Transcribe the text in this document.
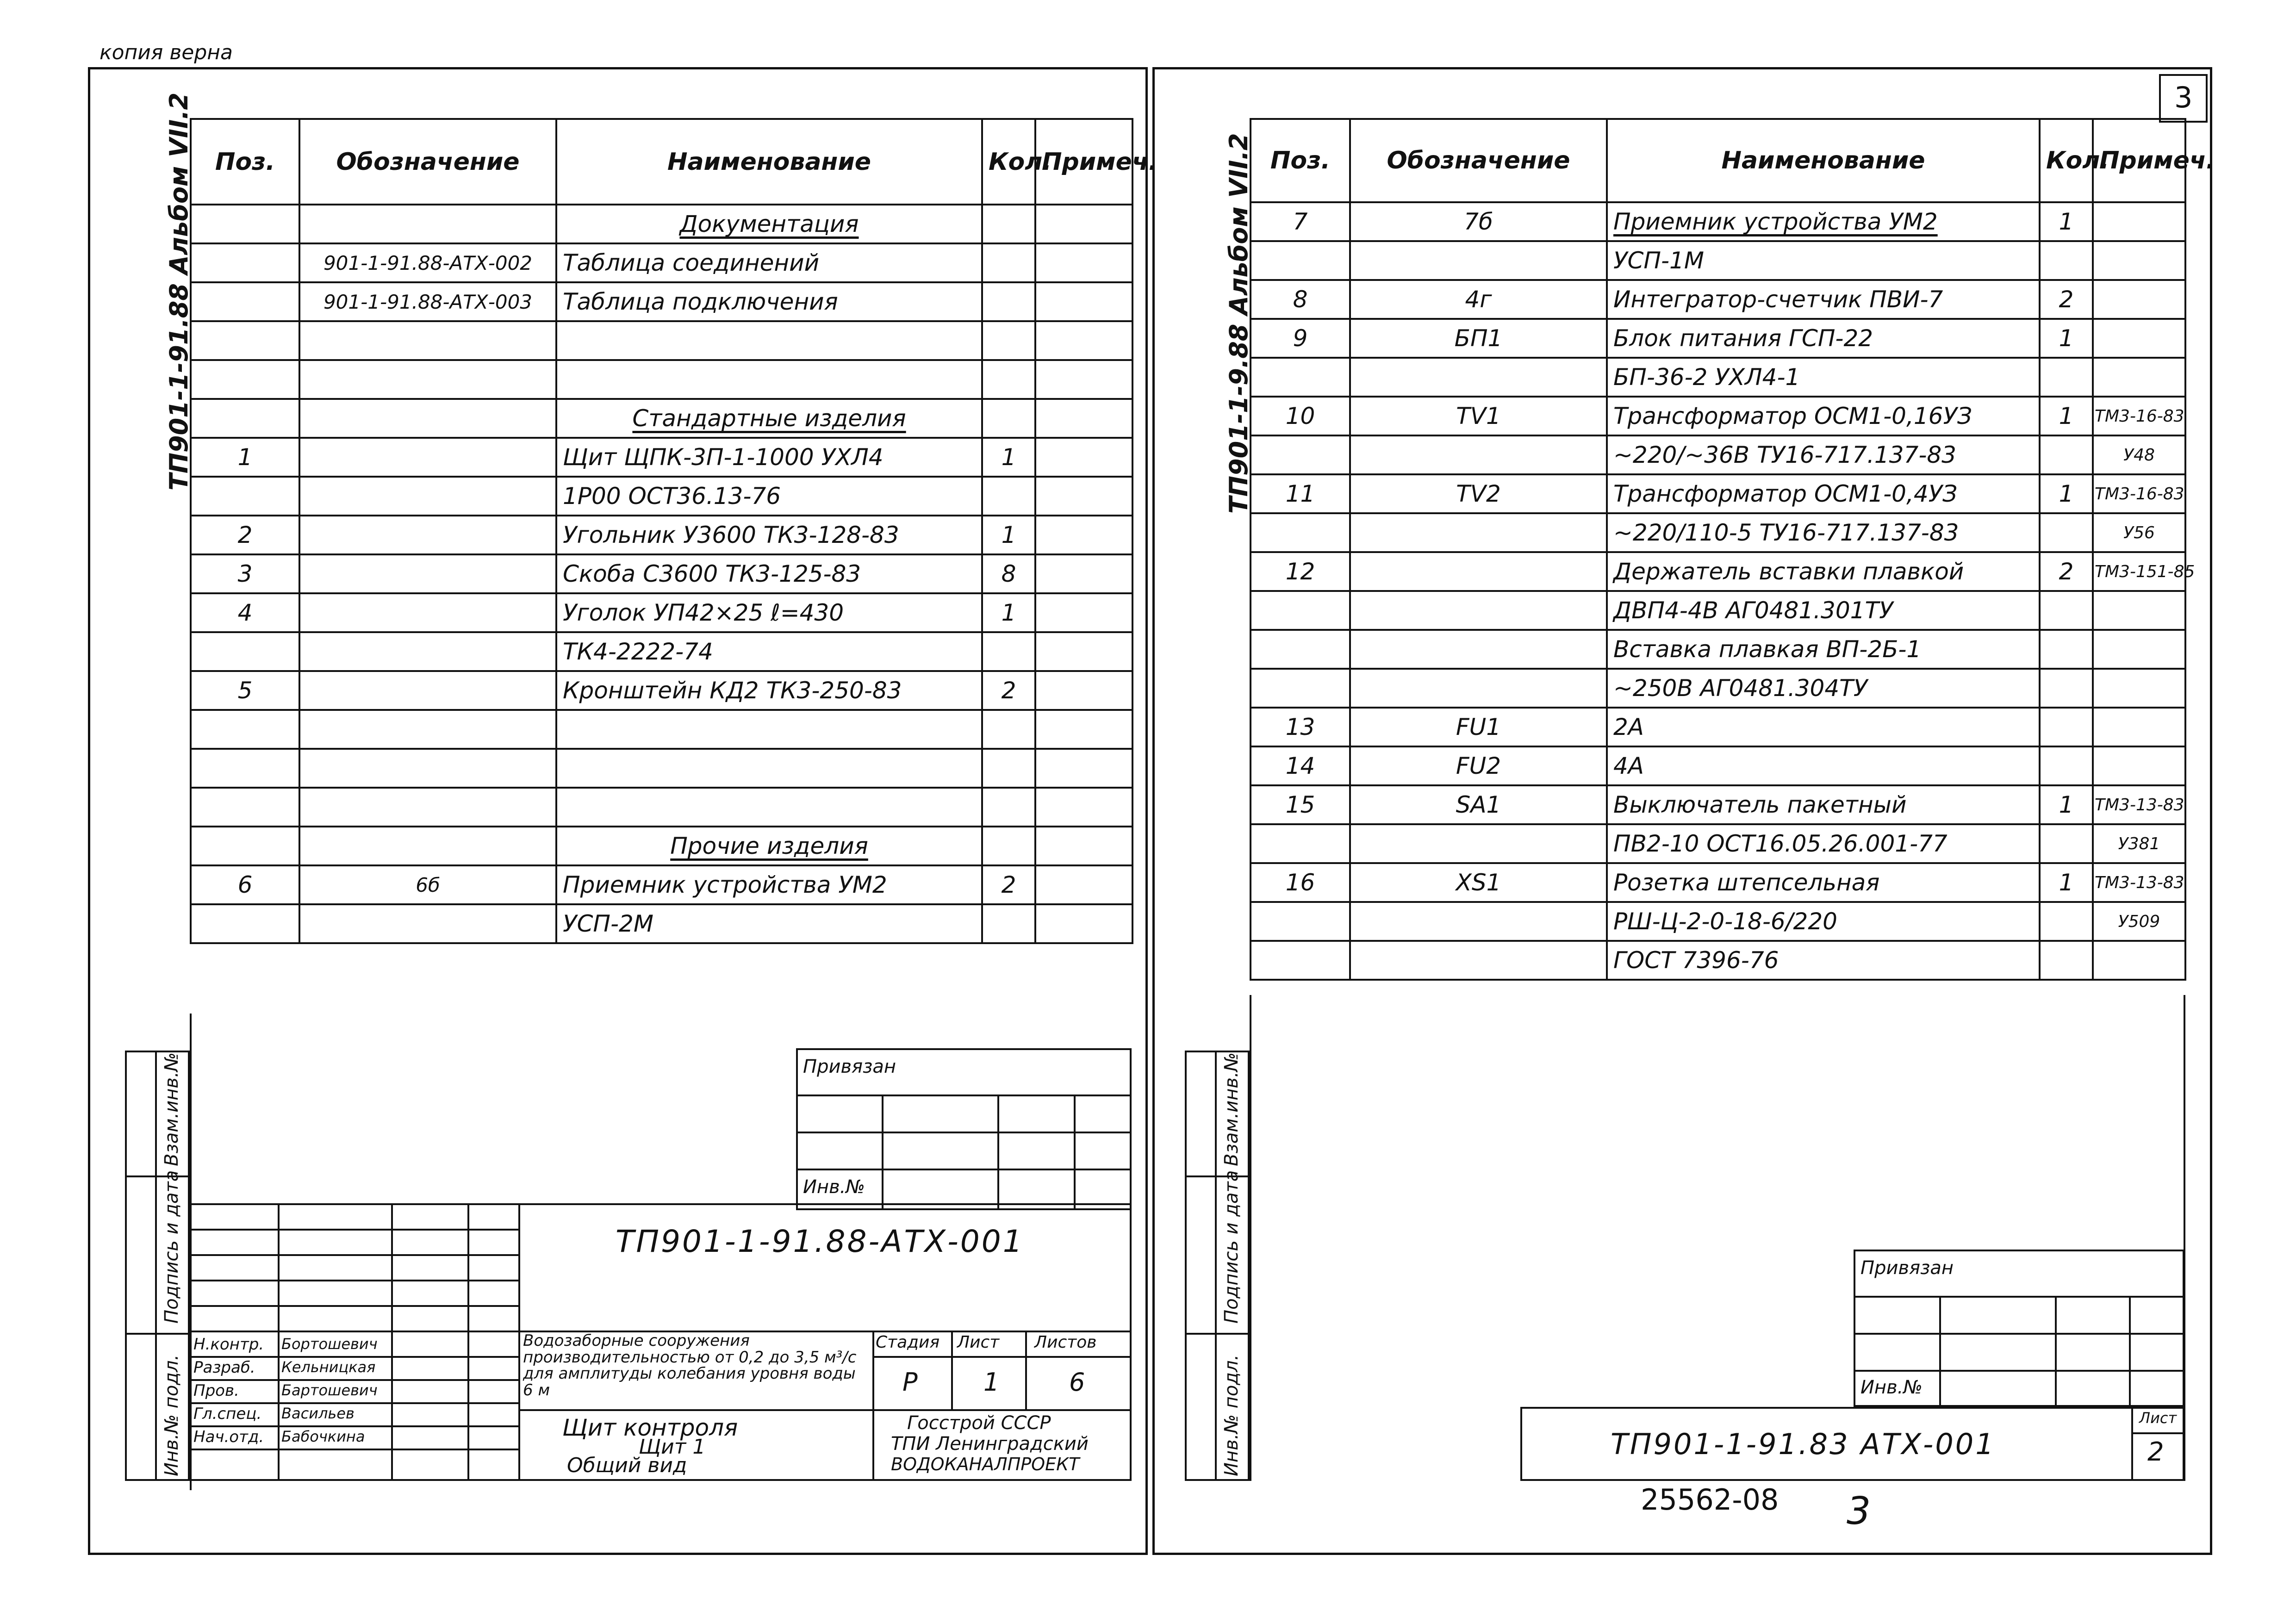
копия верна
ТП901-1-91.88 Альбом VII.2 Поз.	Обозначение	Наименование	Кол.	Примеч.
		Документация		
	901-1-91.88-АТХ-002	Таблица соединений		
	901-1-91.88-АТХ-003	Таблица подключения		

		Стандартные изделия		
1		Щит ЩПК-3П-1-1000 УХЛ4	1	
		1Р00 ОСТ36.13-76		
2		Угольник У3600 ТК3-128-83	1	
3		Скоба С3600 ТК3-125-83	8	
4		Уголок УП42×25 ℓ=430	1	
		ТК4-2222-74		
5		Кронштейн КД2 ТК3-250-83	2	

		Прочие изделия		
6	6б	Приемник устройства УМ2	2	
		УСП-2М		
Привязан
Инв.№
Взам.инв.№
Подпись и дата
Инв.№ подл.
ТП901-1-91.88-АТХ-001
Н.контр.
Разраб.
Пров.
Гл.спец.
Нач.отд.
Бортошевич
Кельницкая
Бартошевич
Васильев
Бабочкина
Водозаборные сооружения производительностью от 0,2 до 3,5 м³/с для амплитуды колебания уровня воды 6 м
Стадия Лист Листов
Р	1	6
Щит контроля
Щит 1
Общий вид
Госстрой СССР
ТПИ Ленинградский
ВОДОКАНАЛПРОЕКТ
3
ТП901-1-9.88 Альбом VII.2 Поз.	Обозначение	Наименование	Кол.	Примеч.
7	7б	Приемник устройства УМ2	1	
		УСП-1М		
8	4г	Интегратор-счетчик ПВИ-7	2	
9	БП1	Блок питания ГСП-22	1	
		БП-36-2 УХЛ4-1		
10	TV1	Трансформатор ОСМ1-0,16УЗ	1	ТМ3-16-83
		~220/~36В ТУ16-717.137-83		У48
11	TV2	Трансформатор ОСМ1-0,4УЗ	1	ТМ3-16-83
		~220/110-5 ТУ16-717.137-83		У56
12		Держатель вставки плавкой	2	ТМ3-151-85
		ДВП4-4В АГ0481.301ТУ		
		Вставка плавкая ВП-2Б-1		
		~250В АГ0481.304ТУ		
13	FU1	2А		
14	FU2	4А		
15	SA1	Выключатель пакетный	1	ТМ3-13-83
		ПВ2-10 ОСТ16.05.26.001-77		У381
16	XS1	Розетка штепсельная	1	ТМ3-13-83
		РШ-Ц-2-0-18-6/220		У509
		ГОСТ 7396-76		
Взам.инв.№
Подпись и дата
Инв.№ подл.
Привязан
Инв.№
ТП901-1-91.83 АТХ-001
Лист
2
25562-08 3
